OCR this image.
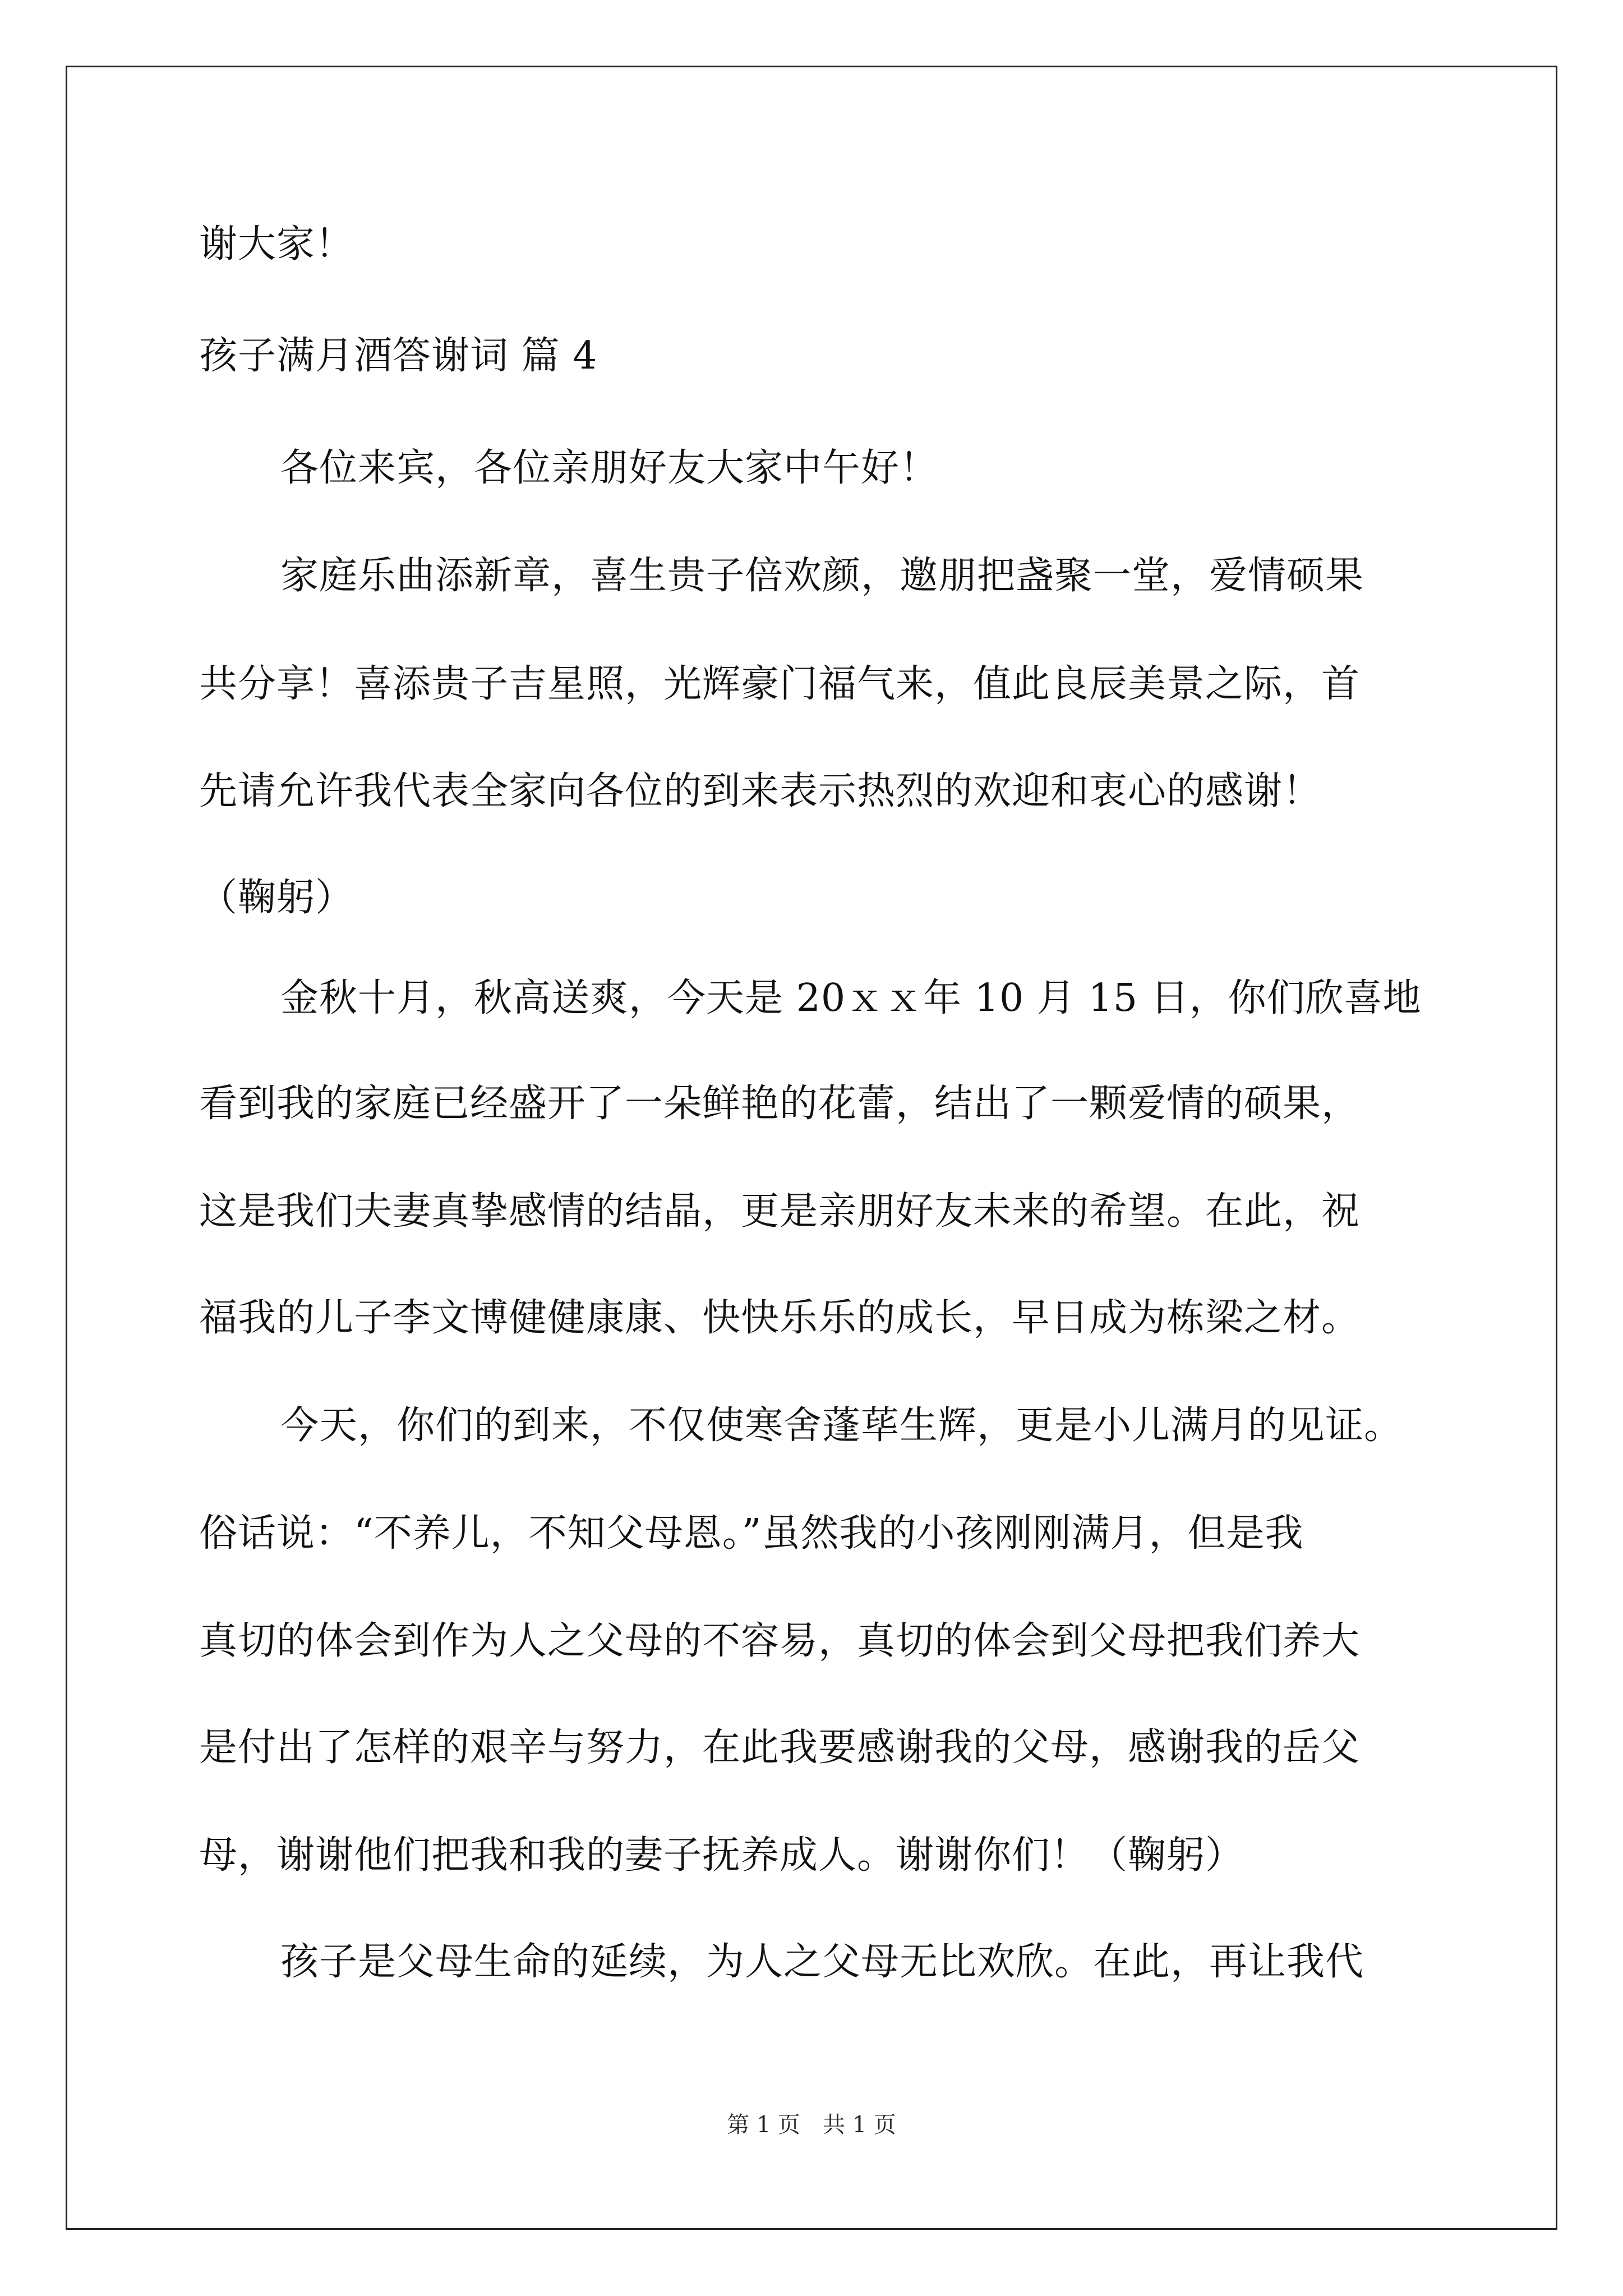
谢大家！
孩子满月酒答谢词 篇 4
各位来宾，各位亲朋好友大家中午好！
家庭乐曲添新章，喜生贵子倍欢颜，邀朋把盏聚一堂，爱情硕果
共分享！喜添贵子吉星照，光辉豪门福气来，值此良辰美景之际，首
先请允许我代表全家向各位的到来表示热烈的欢迎和衷心的感谢！
（鞠躬）
金秋十月，秋高送爽，今天是 20ｘｘ年 10 月 15 日，你们欣喜地
看到我的家庭已经盛开了一朵鲜艳的花蕾，结出了一颗爱情的硕果，
这是我们夫妻真挚感情的结晶，更是亲朋好友未来的希望。在此，祝
福我的儿子李文博健健康康、快快乐乐的成长，早日成为栋梁之材。
今天，你们的到来，不仅使寒舍蓬荜生辉，更是小儿满月的见证。
俗话说：“不养儿，不知父母恩。”虽然我的小孩刚刚满月，但是我
真切的体会到作为人之父母的不容易，真切的体会到父母把我们养大
是付出了怎样的艰辛与努力，在此我要感谢我的父母，感谢我的岳父
母，谢谢他们把我和我的妻子抚养成人。谢谢你们！（鞠躬）
孩子是父母生命的延续，为人之父母无比欢欣。在此，再让我代
第 1 页　共 1 页
